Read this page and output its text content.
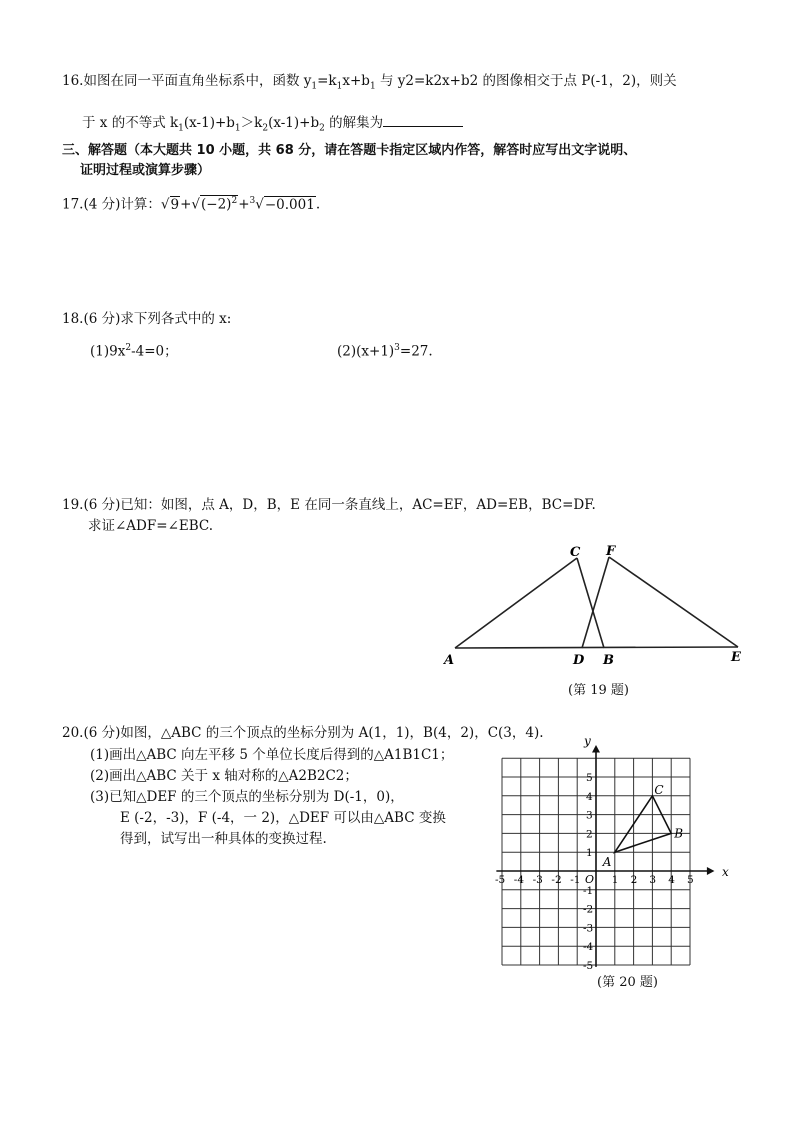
16.如图在同一平面直角坐标系中，函数 $y_1=k_1x+b_1$ 与 y2=k2x+b2 的图像相交于点 P(-1，2)，则关
于 x 的不等式 $k_1(x-1)+b_1>k_2(x-1)+b_2$ 的解集为
三、解答题（本大题共 10 小题，共 68 分，请在答题卡指定区域内作答，解答时应写出文字说明、
证明过程或演算步骤）
17.(4 分)计算：$√9+√(-2)^2+^3√-0.001$.
18.(6 分)求下列各式中的 x:
$(1)9x^2-4=0$；	$(2)(x+1)^3=27$.
19.(6 分)已知：如图，点 A，D，B，E 在同一条直线上，AC=EF，AD=EB，BC=DF.
求证∠ADF=∠EBC.
C F
A	D B	E
(第 19 题)
20.(6 分)如图，△ABC 的三个顶点的坐标分别为 A(1，1)，B(4，2)，C(3，4).
(1)画出△ABC 向左平移 5 个单位长度后得到的△A1B1C1；
(2)画出△ABC 关于 x 轴对称的△A2B2C2；
(3)已知△DEF 的三个顶点的坐标分别为 D(-1，0)，
E (-2，-3)，F (-4，一 2)，△DEF 可以由△ABC 变换
得到，试写出一种具体的变换过程.
x
y
O
-5 -4 -3 -2 -1	1 2 3 4 5
5
4
3
2
1
-1
-2
-3
-4
-5
A
B
C
(第 20 题)
